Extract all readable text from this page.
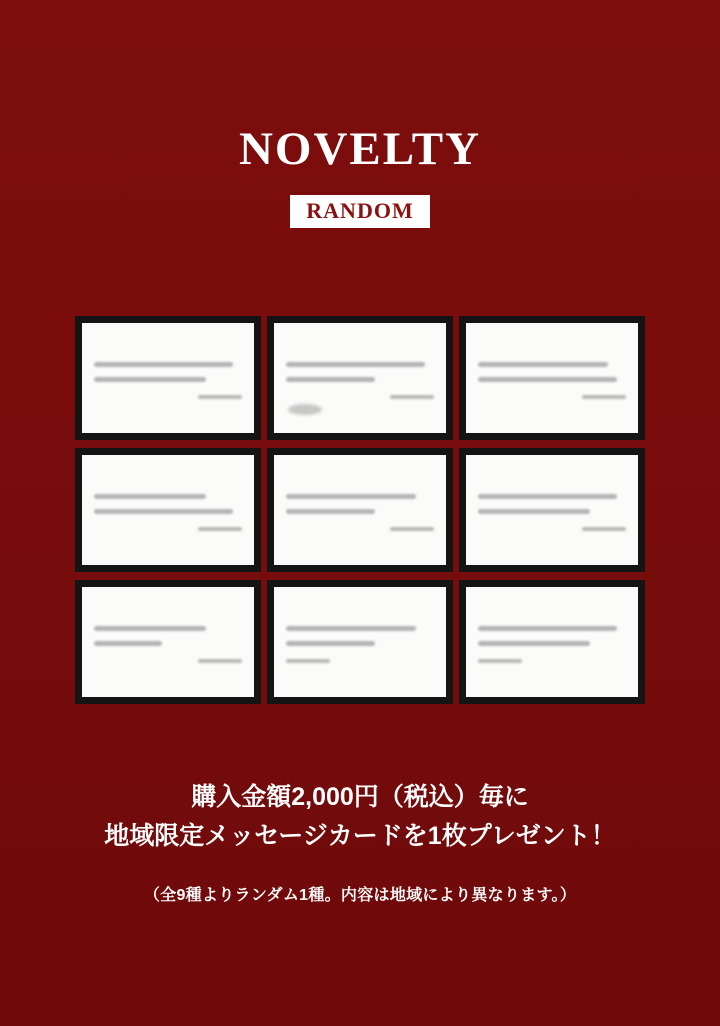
NOVELTY
RANDOM
購入金額2,000円（税込）毎に
地域限定メッセージカードを1枚プレゼント！
（全9種よりランダム1種。内容は地域により異なります。）
